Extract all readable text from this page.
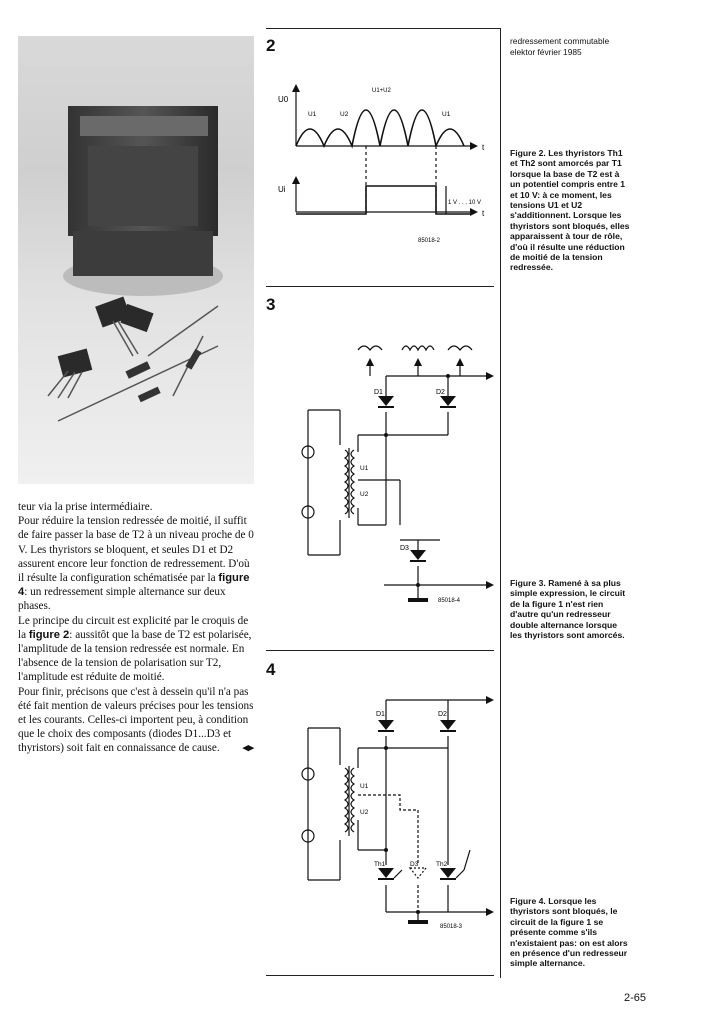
teur via la prise intermédiaire.

Pour réduire la tension redressée de moitié, il suffit de faire passer la base de T2 à un niveau proche de 0 V. Les thyristors se bloquent, et seules D1 et D2 assurent encore leur fonction de redressement. D'où il résulte la configuration schématisée par la figure 4: un redressement simple alternance sur deux phases.

Le principe du circuit est explicité par le croquis de la figure 2: aussitôt que la base de T2 est polarisée, l'amplitude de la tension redressée est normale. En l'absence de la tension de polarisation sur T2, l'amplitude est réduite de moitié.

Pour finir, précisons que c'est à dessein qu'il n'a pas été fait mention de valeurs précises pour les tensions et les courants. Celles-ci importent peu, à condition que le choix des composants (diodes D1...D3 et thyristors) soit fait en connaissance de cause. ◂▸

redressement commutable
elektor février 1985
2
3
4
U0
Ui
U1	U2
U1+U2
U1
t
t
1 V . . . 10 V
85018-2
D1	D2
D3
U1
U2
85018-4
D1	D2
Th1	D3	Th2
U1
U2
85018-3
Figure 2. Les thyristors Th1 et Th2 sont amorcés par T1 lorsque la base de T2 est à un potentiel compris entre 1 et 10 V: à ce moment, les tensions U1 et U2 s'additionnent. Lorsque les thyristors sont bloqués, elles apparaissent à tour de rôle, d'où il résulte une réduction de moitié de la tension redressée.
Figure 3. Ramené à sa plus simple expression, le circuit de la figure 1 n'est rien d'autre qu'un redresseur double alternance lorsque les thyristors sont amorcés.
Figure 4. Lorsque les thyristors sont bloqués, le circuit de la figure 1 se présente comme s'ils n'existaient pas: on est alors en présence d'un redresseur simple alternance.
2-65
